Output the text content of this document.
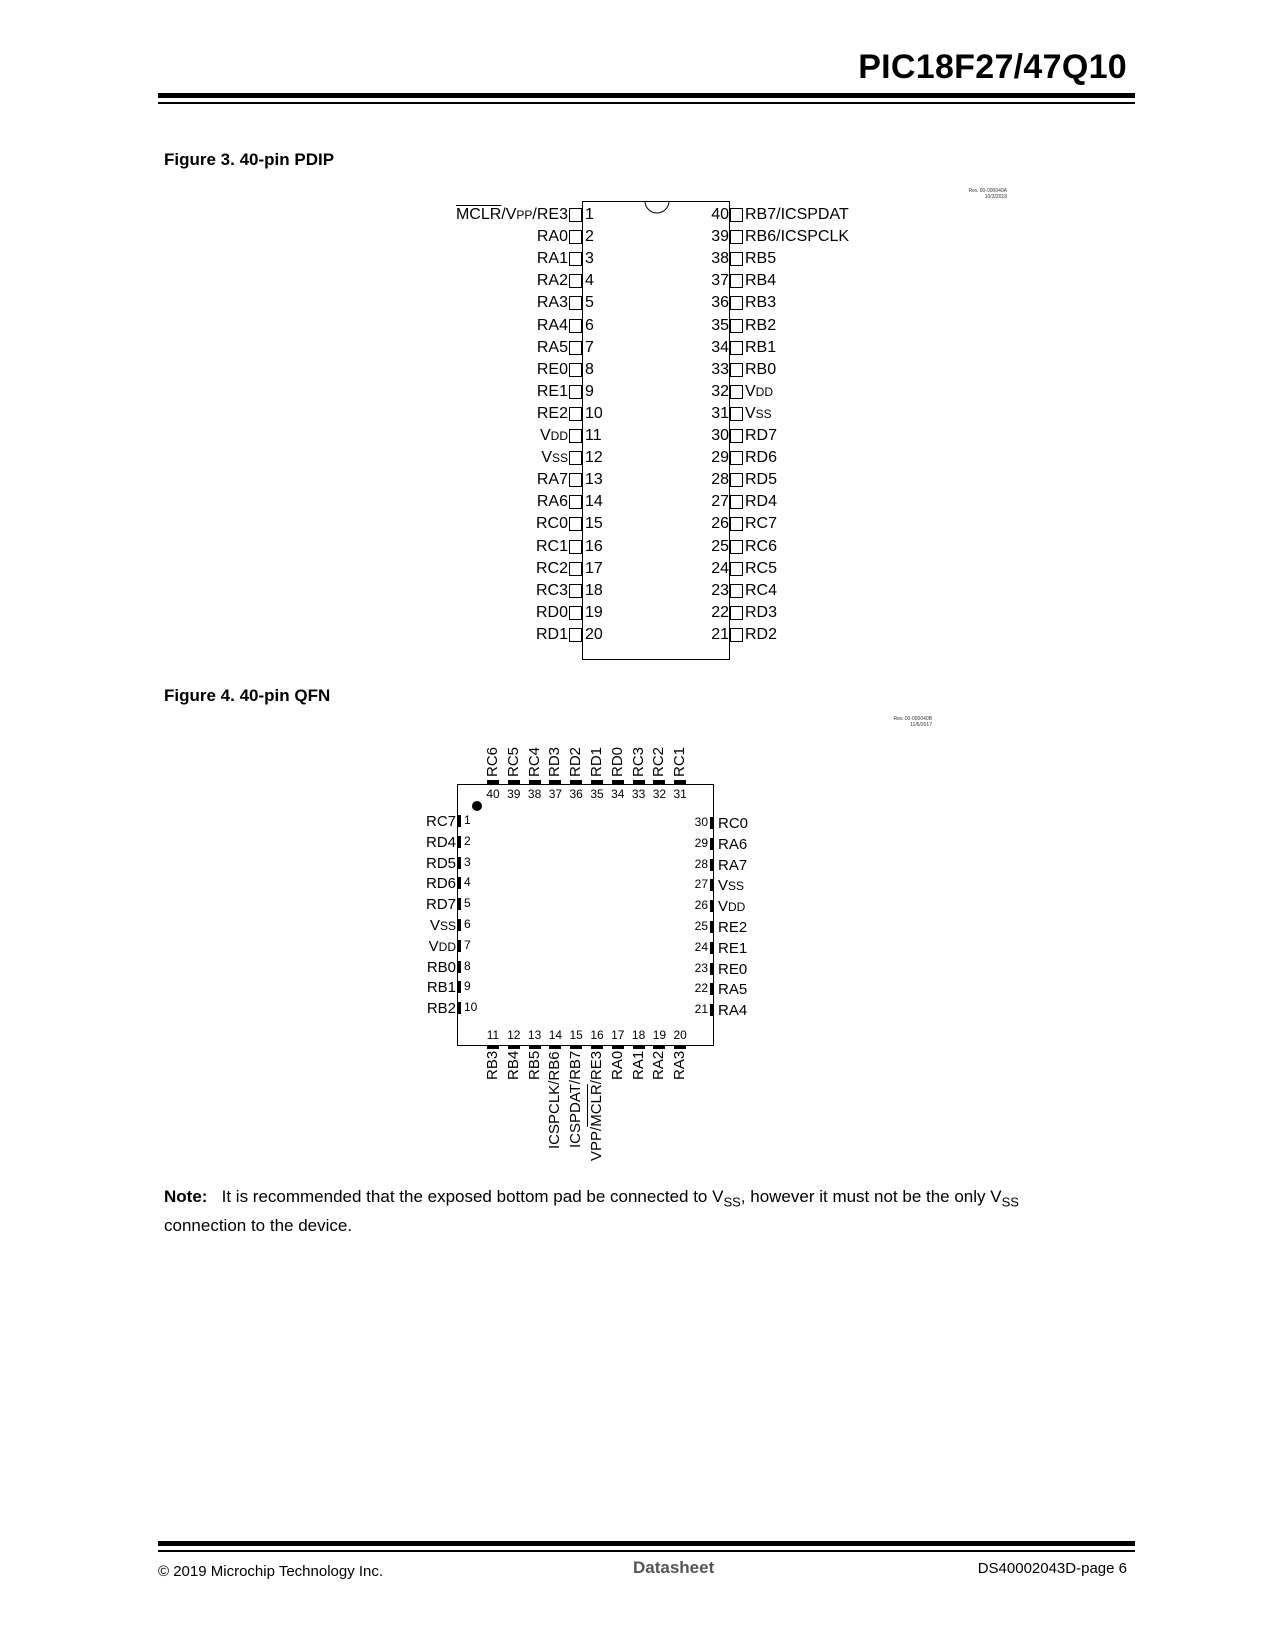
PIC18F27/47Q10
Figure 3. 40-pin PDIP
Rev. 00-000040A
10/3/2018
MCLR/VPP/RE3 1
RA0 2
RA1 3
RA2 4
RA3 5
RA4 6
RA5 7
RE0 8
RE1 9
RE2 10
VDD 11
VSS 12
RA7 13
RA6 14
RC0 15
RC1 16
RC2 17
RC3 18
RD0 19
RD1 20
40 RB7/ICSPDAT
39 RB6/ICSPCLK
38 RB5
37 RB4
36 RB3
35 RB2
34 RB1
33 RB0
32 VDD
31 VSS
30 RD7
29 RD6
28 RD5
27 RD4
26 RC7
25 RC6
24 RC5
23 RC4
22 RD3
21 RD2
Figure 4. 40-pin QFN
Rev. 00-000040B
11/6/2017
40
RC6
39
RC5
38
RC4
37
RD3
36
RD2
35
RD1
34
RD0
33
RC3
32
RC2
31
RC1
RC7 1
RD4 2
RD5 3
RD6 4
RD7 5
VSS 6
VDD 7
RB0 8
RB1 9
RB2 10
30 RC0
29 RA6
28 RA7
27 VSS
26 VDD
25 RE2
24 RE1
23 RE0
22 RA5
21 RA4
11
RB3
12
RB4
13
RB5
14
ICSPCLK/RB6
15
ICSPDAT/RB7
16
VPP/MCLR/RE3
17
RA0
18
RA1
19
RA2
20
RA3
Note: It is recommended that the exposed bottom pad be connected to $V_{SS}$, however it must not be the only $V_{SS}$ connection to the device.
© 2019 Microchip Technology Inc.	Datasheet	DS40002043D-page 6
